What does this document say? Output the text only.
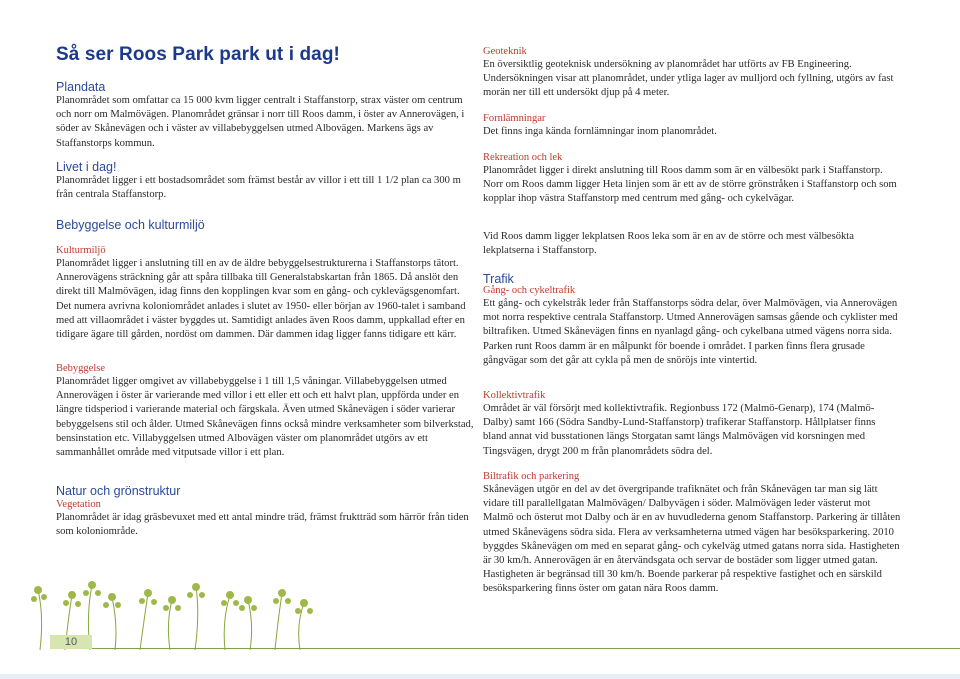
Så ser Roos Park park ut i dag!
Plandata

Planområdet som omfattar ca 15 000 kvm ligger centralt i Staffanstorp, strax väster om centrum och norr om Malmövägen. Planområdet gränsar i norr till Roos damm, i öster av Annerovägen, i söder av Skånevägen och i väster av villabebyggelsen utmed Albovägen. Markens ägs av Staffanstorps kommun.

Livet i dag!

Planområdet ligger i ett bostadsområdet som främst består av villor i ett till 1 1/2 plan ca 300 m från centrala Staffanstorp.

Bebyggelse och kulturmiljö
Kulturmiljö

Planområdet ligger i anslutning till en av de äldre bebyggelsestrukturerna i Staffanstorps tätort. Annerovägens sträckning går att spåra tillbaka till Generalstabskartan från 1865. Då anslöt den direkt till Malmövägen, idag finns den kopplingen kvar som en gång- och cyklevägsgenomfart. Det numera avrivna koloniområdet anlades i slutet av 1950- eller början av 1960-talet i samband med att villaområdet i väster byggdes ut. Samtidigt anlades även Roos damm, uppkallad efter en tidigare ägare till gården, nordöst om dammen. Där dammen idag ligger fanns tidigare ett kärr.

Bebyggelse

Planområdet ligger omgivet av villabebyggelse i 1 till 1,5 våningar. Villabebyggelsen utmed Annerovägen i öster är varierande med villor i ett eller ett och ett halvt plan, uppförda under en längre tidsperiod i varierande material och färgskala. Även utmed Skånevägen i söder varierar bebyggelsens stil och ålder. Utmed Skånevägen finns också mindre verksamheter som bilverkstad, bensinstation etc. Villabyggelsen utmed Albovägen väster om planområdet utgörs av ett sammanhållet område med vitputsade villor i ett plan.

Natur och grönstruktur
Vegetation

Planområdet är idag gräsbevuxet med ett antal mindre träd, främst fruktträd som härrör från tiden som koloniområde.

Geoteknik

En översiktlig geoteknisk undersökning av planområdet har utförts av FB Engineering. Undersökningen visar att planområdet, under ytliga lager av mulljord och fyllning, utgörs av fast morän ner till ett undersökt djup på 4 meter.

Fornlämningar

Det finns inga kända fornlämningar inom planområdet.

Rekreation och lek

Planområdet ligger i direkt anslutning till Roos damm som är en välbesökt park i Staffanstorp. Norr om Roos damm ligger Heta linjen som är ett av de större grönstråken i Staffanstorp och som kopplar ihop västra Staffanstorp med centrum med gång- och cykelvägar.

Vid Roos damm ligger lekplatsen Roos leka som är en av de större och mest välbesökta lekplatserna i Staffanstorp.

Trafik
Gång- och cykeltrafik

Ett gång- och cykelstråk leder från Staffanstorps södra delar, över Malmövägen, via Annerovägen mot norra respektive centrala Staffanstorp. Utmed Annerovägen samsas gående och cyklister med biltrafiken. Utmed Skånevägen finns en nyanlagd gång- och cykelbana utmed vägens norra sida. Parken runt Roos damm är en målpunkt för boende i området. I parken finns flera grusade gångvägar som det går att cykla på men de snöröjs inte vintertid.

Kollektivtrafik

Området är väl försörjt med kollektivtrafik. Regionbuss 172 (Malmö-Genarp), 174 (Malmö-Dalby) samt 166 (Södra Sandby-Lund-Staffanstorp) trafikerar Staffanstorp. Hållplatser finns bland annat vid busstationen längs Storgatan samt längs Malmövägen vid korsningen med Tingsvägen, drygt 200 m från planområdets södra del.

Biltrafik och parkering

Skånevägen utgör en del av det övergripande trafiknätet och från Skånevägen tar man sig lätt vidare till parallellgatan Malmövägen/ Dalbyvägen i söder. Malmövägen leder västerut mot Malmö och österut mot Dalby och är en av huvudlederna genom Staffanstorp. Parkering är tillåten utmed Skånevägens södra sida. Flera av verksamheterna utmed vägen har besöksparkering. 2010 byggdes Skånevägen om med en separat gång- och cykelväg utmed gatans norra sida. Hastigheten är 30 km/h. Annerovägen är en återvändsgata och servar de bostäder som ligger utmed gatan. Hastigheten är begränsad till 30 km/h. Boende parkerar på respektive fastighet och en särskild besöksparkering finns öster om gatan nära Roos damm.

10
